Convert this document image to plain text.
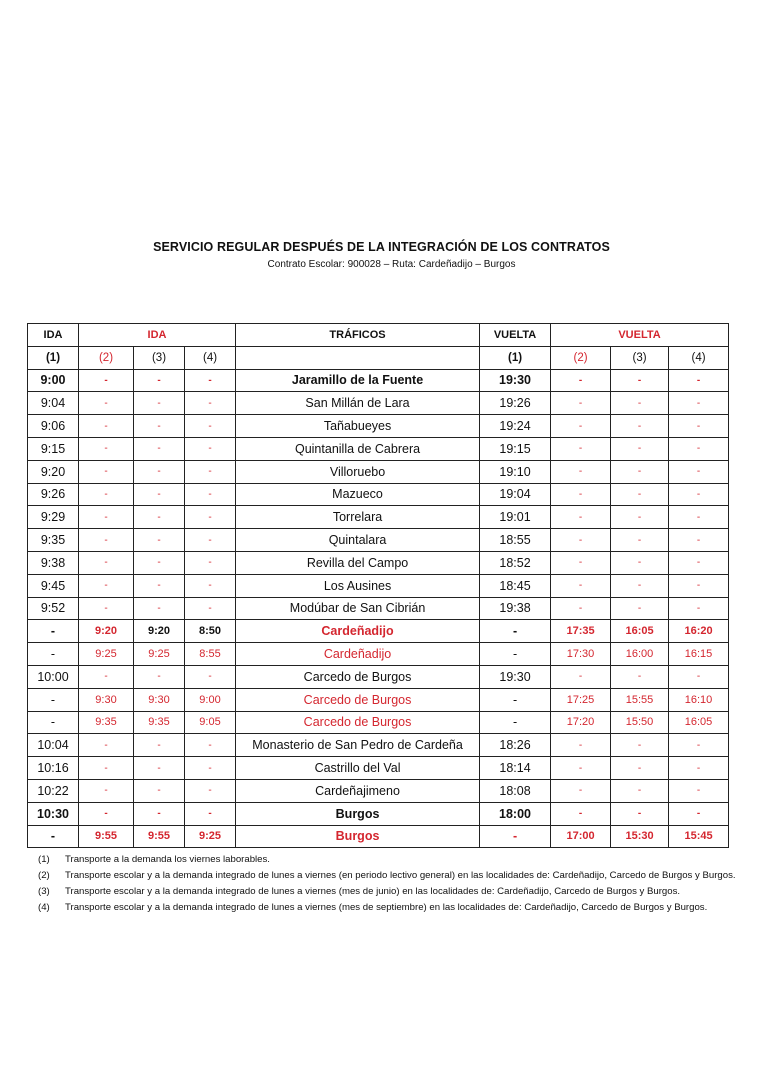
SERVICIO REGULAR DESPUÉS DE LA INTEGRACIÓN DE LOS CONTRATOS
Contrato Escolar: 900028 – Ruta: Cardeñadijo – Burgos
IDA	IDA			TRÁFICOS	VUELTA	VUELTA		
(1)	(2)	(3)	(4)		(1)	(2)	(3)	(4)
9:00	-	-	-	Jaramillo de la Fuente	19:30	-	-	-
9:04	-	-	-	San Millán de Lara	19:26	-	-	-
9:06	-	-	-	Tañabueyes	19:24	-	-	-
9:15	-	-	-	Quintanilla de Cabrera	19:15	-	-	-
9:20	-	-	-	Villoruebo	19:10	-	-	-
9:26	-	-	-	Mazueco	19:04	-	-	-
9:29	-	-	-	Torrelara	19:01	-	-	-
9:35	-	-	-	Quintalara	18:55	-	-	-
9:38	-	-	-	Revilla del Campo	18:52	-	-	-
9:45	-	-	-	Los Ausines	18:45	-	-	-
9:52	-	-	-	Modúbar de San Cibrián	19:38	-	-	-
-	9:20	9:20	8:50	Cardeñadijo	-	17:35	16:05	16:20
-	9:25	9:25	8:55	Cardeñadijo	-	17:30	16:00	16:15
10:00	-	-	-	Carcedo de Burgos	19:30	-	-	-
-	9:30	9:30	9:00	Carcedo de Burgos	-	17:25	15:55	16:10
-	9:35	9:35	9:05	Carcedo de Burgos	-	17:20	15:50	16:05
10:04	-	-	-	Monasterio de San Pedro de Cardeña	18:26	-	-	-
10:16	-	-	-	Castrillo del Val	18:14	-	-	-
10:22	-	-	-	Cardeñajimeno	18:08	-	-	-
10:30	-	-	-	Burgos	18:00	-	-	-
-	9:55	9:55	9:25	Burgos	-	17:00	15:30	15:45
(1)	Transporte a la demanda los viernes laborables.
(2)	Transporte escolar y a la demanda integrado de lunes a viernes (en periodo lectivo general) en las localidades de: Cardeñadijo, Carcedo de Burgos y Burgos.
(3)	Transporte escolar y a la demanda integrado de lunes a viernes (mes de junio) en las localidades de: Cardeñadijo, Carcedo de Burgos y Burgos.
(4)	Transporte escolar y a la demanda integrado de lunes a viernes (mes de septiembre) en las localidades de: Cardeñadijo, Carcedo de Burgos y Burgos.
